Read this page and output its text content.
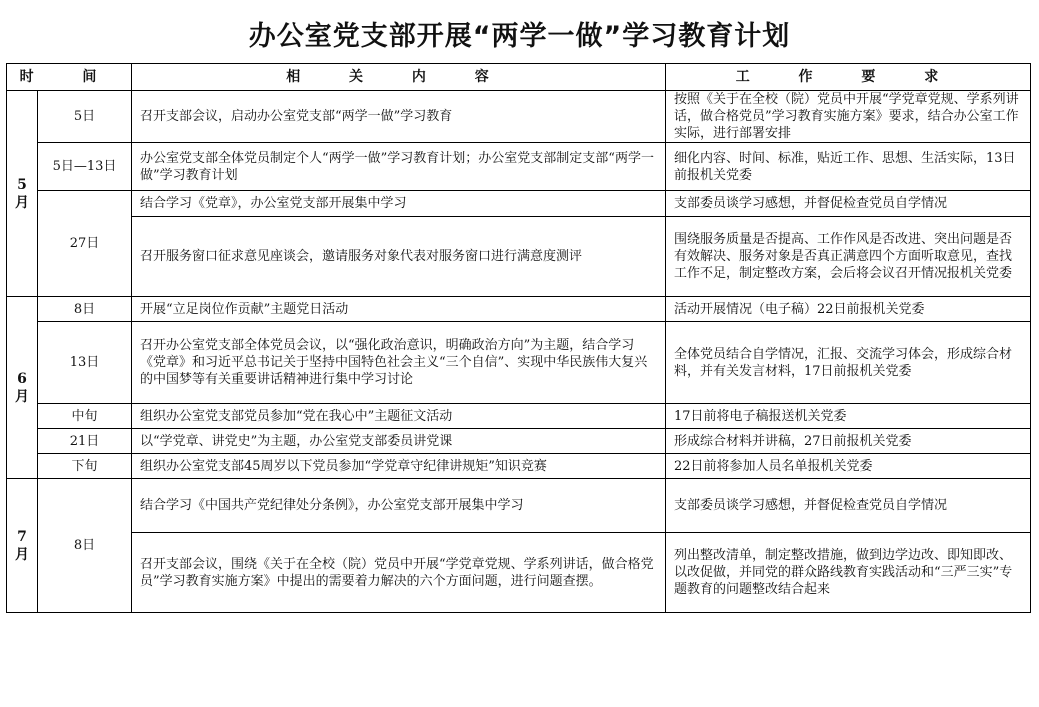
办公室党支部开展“两学一做”学习教育计划
时 间		相 关 内 容	工 作 要 求
5月	5日	召开支部会议，启动办公室党支部“两学一做”学习教育	按照《关于在全校（院）党员中开展“学党章党规、学系列讲话，做合格党员”学习教育实施方案》要求，结合办公室工作实际，进行部署安排
	5日—13日	办公室党支部全体党员制定个人“两学一做”学习教育计划；办公室党支部制定支部“两学一做”学习教育计划	细化内容、时间、标准，贴近工作、思想、生活实际，13日前报机关党委
	27日	结合学习《党章》，办公室党支部开展集中学习	支部委员谈学习感想，并督促检查党员自学情况
		召开服务窗口征求意见座谈会，邀请服务对象代表对服务窗口进行满意度测评	围绕服务质量是否提高、工作作风是否改进、突出问题是否有效解决、服务对象是否真正满意四个方面听取意见，查找工作不足，制定整改方案，会后将会议召开情况报机关党委
6月	8日	开展“立足岗位作贡献”主题党日活动	活动开展情况（电子稿）22日前报机关党委
	13日	召开办公室党支部全体党员会议，以“强化政治意识，明确政治方向”为主题，结合学习《党章》和习近平总书记关于坚持中国特色社会主义“三个自信”、实现中华民族伟大复兴的中国梦等有关重要讲话精神进行集中学习讨论	全体党员结合自学情况，汇报、交流学习体会，形成综合材料，并有关发言材料，17日前报机关党委
	中旬	组织办公室党支部党员参加“党在我心中”主题征文活动	17日前将电子稿报送机关党委
	21日	以“学党章、讲党史”为主题，办公室党支部委员讲党课	形成综合材料并讲稿，27日前报机关党委
	下旬	组织办公室党支部45周岁以下党员参加“学党章守纪律讲规矩”知识竞赛	22日前将参加人员名单报机关党委
7月	8日	结合学习《中国共产党纪律处分条例》，办公室党支部开展集中学习	支部委员谈学习感想，并督促检查党员自学情况
		召开支部会议，围绕《关于在全校（院）党员中开展“学党章党规、学系列讲话，做合格党员”学习教育实施方案》中提出的需要着力解决的六个方面问题，进行问题查摆。	列出整改清单，制定整改措施，做到边学边改、即知即改、以改促做，并同党的群众路线教育实践活动和“三严三实”专题教育的问题整改结合起来
